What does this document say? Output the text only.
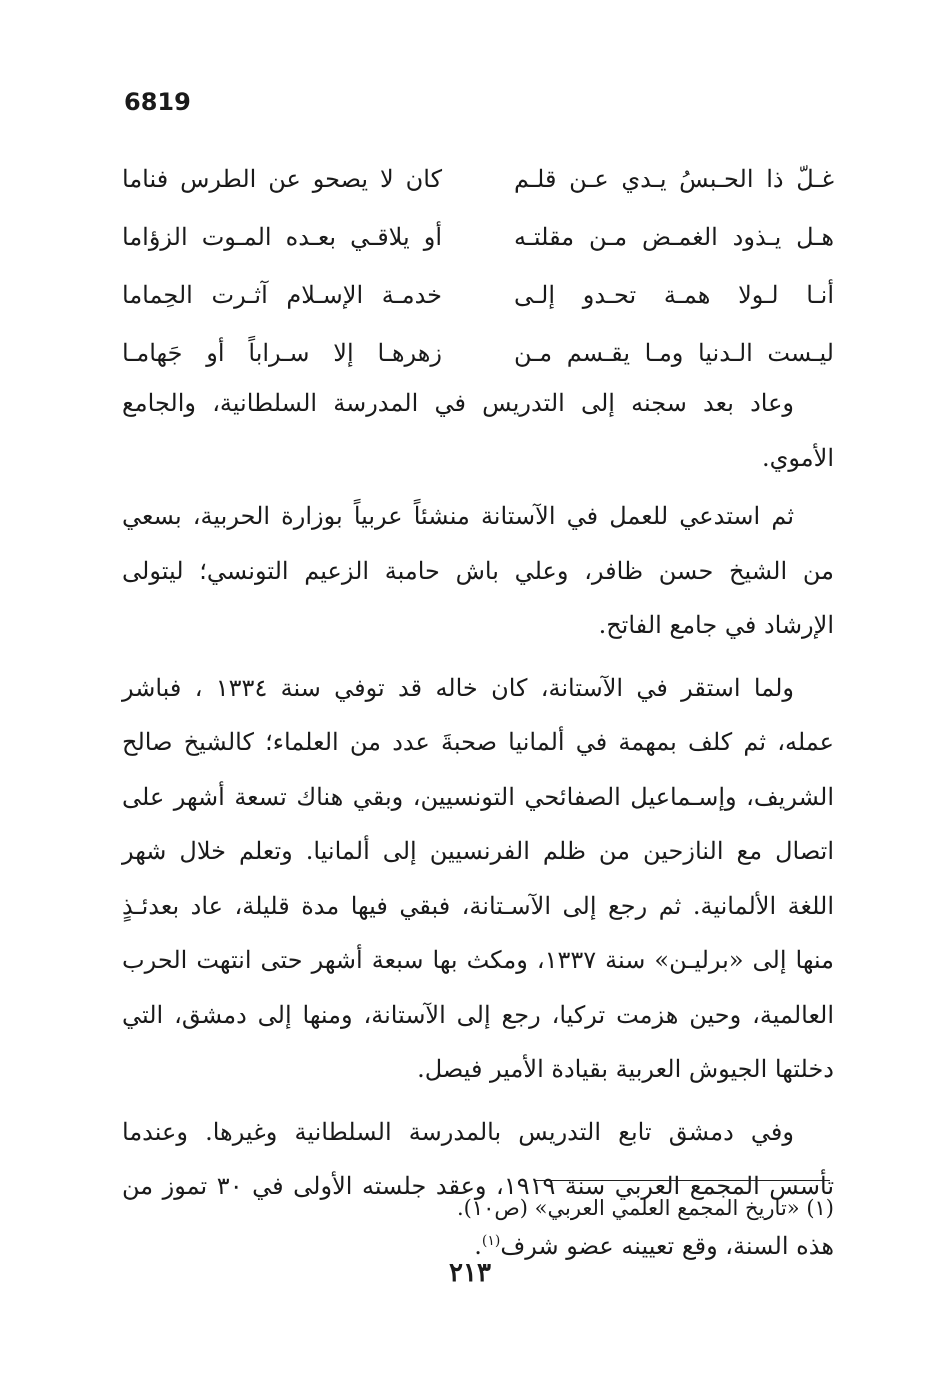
6819
غـلّ ذا الحـبسُ يـدي عـن قلـم
كان لا يصحو عن الطرس فناما
هـل يـذود الغمـض مـن مقلتـه
أو يلاقـي بعـده المـوت الزؤاما
أنـا لـولا همـة تحـدو إلـى
خدمـة الإسـلام آثـرت الحِماما
ليـست الـدنيا ومـا يقـسم مـن
زهرهـا إلا سـراباً أو جَهامـا

وعاد بعد سجنه إلى التدريس في المدرسة السلطانية، والجامع الأموي.

ثم استدعي للعمل في الآستانة منشئاً عربياً بوزارة الحربية، بسعي من الشيخ حسن ظافر، وعلي باش حامبة الزعيم التونسي؛ ليتولى الإرشاد في جامع الفاتح.

ولما استقر في الآستانة، كان خاله قد توفي سنة ١٣٣٤ ، فباشر عمله، ثم كلف بمهمة في ألمانيا صحبةَ عدد من العلماء؛ كالشيخ صالح الشريف، وإسـماعيل الصفائحي التونسيين، وبقي هناك تسعة أشهر على اتصال مع النازحين من ظلم الفرنسيين إلى ألمانيا. وتعلم خلال شهر اللغة الألمانية. ثم رجع إلى الآسـتانة، فبقي فيها مدة قليلة، عاد بعدئـذٍ منها إلى «برليـن» سنة ١٣٣٧، ومكث بها سبعة أشهر حتى انتهت الحرب العالمية، وحين هزمت تركيا، رجع إلى الآستانة، ومنها إلى دمشق، التي دخلتها الجيوش العربية بقيادة الأمير فيصل.

وفي دمشق تابع التدريس بالمدرسة السلطانية وغيرها. وعندما تأسس المجمع العربي سنة ١٩١٩، وعقد جلسته الأولى في ٣٠ تموز من هذه السنة، وقع تعيينه عضو شرف$^{(١)}$.

(١) «تاريخ المجمع العلمي العربي» (ص١٠).
٢١٣
